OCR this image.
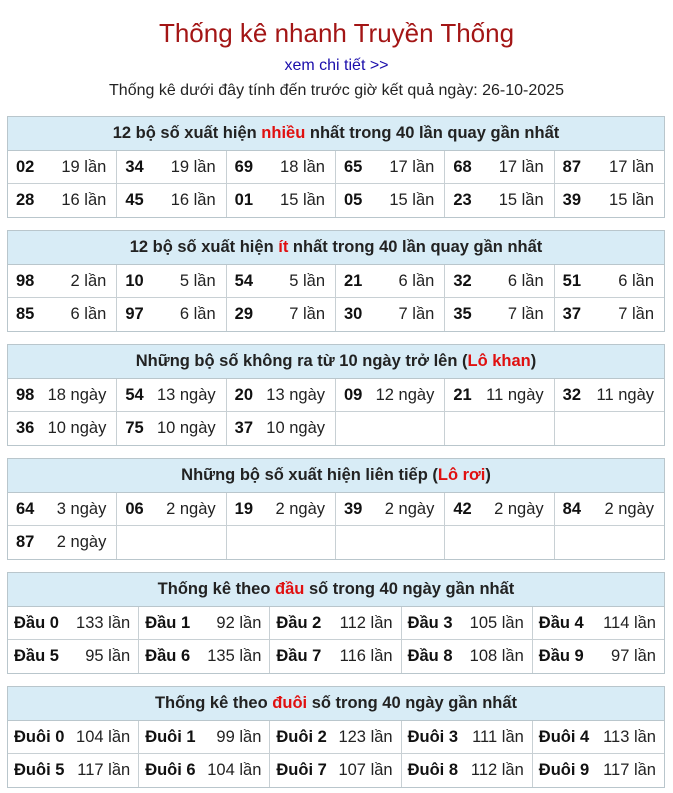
Thống kê nhanh Truyền Thống
xem chi tiết >>
Thống kê dưới đây tính đến trước giờ kết quả ngày: 26-10-2025
12 bộ số xuất hiện nhiều nhất trong 40 lần quay gần nhất
02 19 lần 34 19 lần 69 18 lần 65 17 lần 68 17 lần 87 17 lần
28 16 lần 45 16 lần 01 15 lần 05 15 lần 23 15 lần 39 15 lần
12 bộ số xuất hiện ít nhất trong 40 lần quay gần nhất
98 2 lần 10 5 lần 54 5 lần 21 6 lần 32 6 lần 51 6 lần
85 6 lần 97 6 lần 29 7 lần 30 7 lần 35 7 lần 37 7 lần
Những bộ số không ra từ 10 ngày trở lên (Lô khan)
98 18 ngày 54 13 ngày 20 13 ngày 09 12 ngày 21 11 ngày 32 11 ngày
36 10 ngày 75 10 ngày 37 10 ngày
Những bộ số xuất hiện liên tiếp (Lô rơi)
64 3 ngày 06 2 ngày 19 2 ngày 39 2 ngày 42 2 ngày 84 2 ngày
87 2 ngày
Thống kê theo đầu số trong 40 ngày gần nhất
Đầu 0 133 lần Đầu 1 92 lần Đầu 2 112 lần Đầu 3 105 lần Đầu 4 114 lần
Đầu 5 95 lần Đầu 6 135 lần Đầu 7 116 lần Đầu 8 108 lần Đầu 9 97 lần
Thống kê theo đuôi số trong 40 ngày gần nhất
Đuôi 0 104 lần Đuôi 1 99 lần Đuôi 2 123 lần Đuôi 3 111 lần Đuôi 4 113 lần
Đuôi 5 117 lần Đuôi 6 104 lần Đuôi 7 107 lần Đuôi 8 112 lần Đuôi 9 117 lần
